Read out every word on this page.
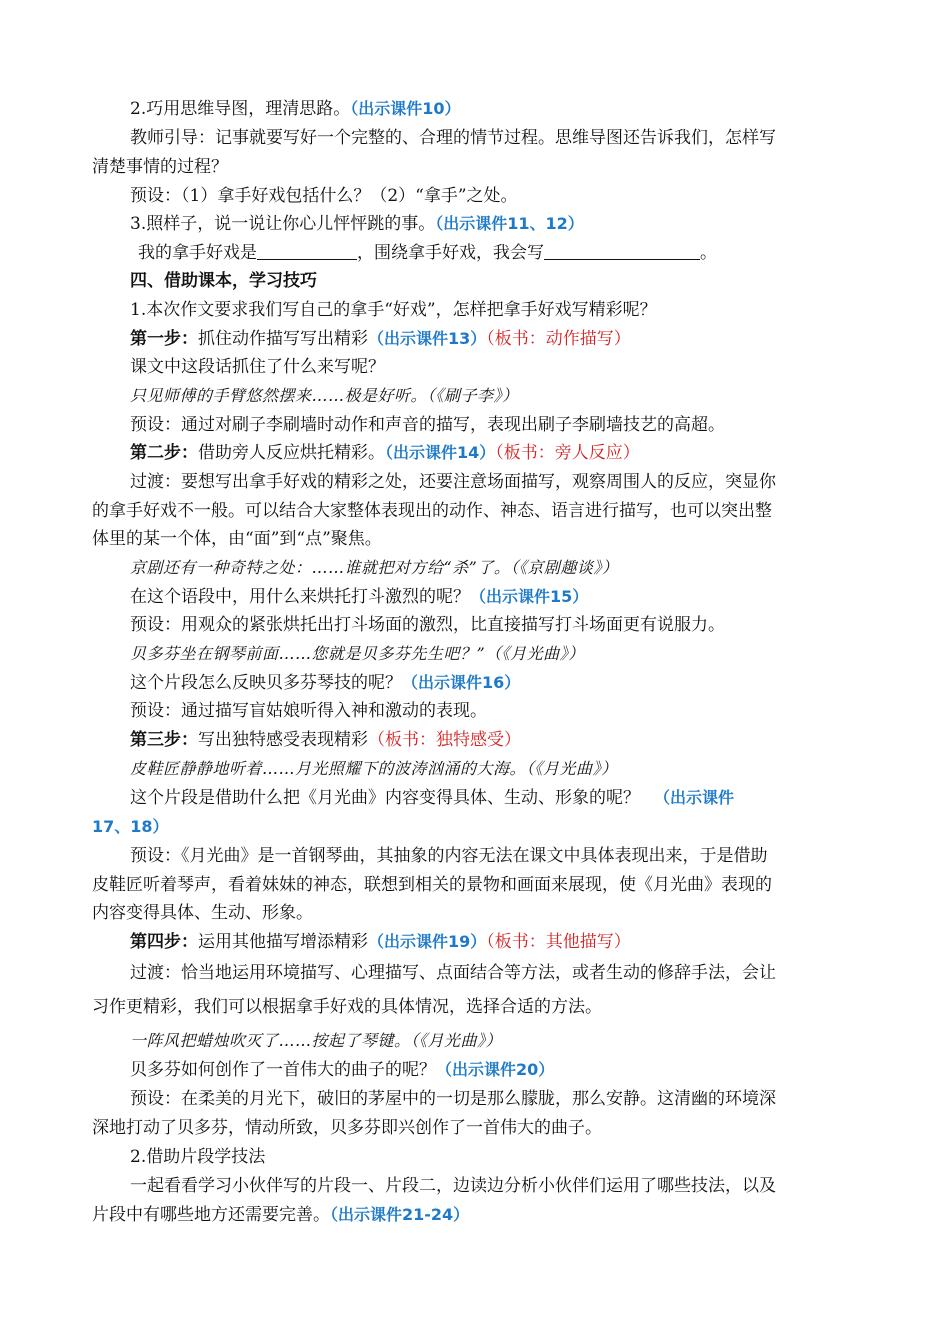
2.巧用思维导图，理清思路。（出示课件10）
教师引导：记事就要写好一个完整的、合理的情节过程。思维导图还告诉我们，怎样写
清楚事情的过程？
预设：（1）拿手好戏包括什么？（2）“拿手”之处。
3.照样子，说一说让你心儿怦怦跳的事。（出示课件11、12）
我的拿手好戏是	，围绕拿手好戏，我会写	。
四、借助课本，学习技巧
1.本次作文要求我们写自己的拿手“好戏”，怎样把拿手好戏写精彩呢？
第一步：抓住动作描写写出精彩（出示课件13）（板书：动作描写）
课文中这段话抓住了什么来写呢？
只见师傅的手臂悠然摆来……极是好听。（《刷子李》）
预设：通过对刷子李刷墙时动作和声音的描写，表现出刷子李刷墙技艺的高超。
第二步：借助旁人反应烘托精彩。（出示课件14）（板书：旁人反应）
过渡：要想写出拿手好戏的精彩之处，还要注意场面描写，观察周围人的反应，突显你
的拿手好戏不一般。可以结合大家整体表现出的动作、神态、语言进行描写，也可以突出整
体里的某一个体，由“面”到“点”聚焦。
京剧还有一种奇特之处：……谁就把对方给“杀”了。（《京剧趣谈》）
在这个语段中，用什么来烘托打斗激烈的呢？（出示课件15）
预设：用观众的紧张烘托出打斗场面的激烈，比直接描写打斗场面更有说服力。
贝多芬坐在钢琴前面……您就是贝多芬先生吧？”（《月光曲》）
这个片段怎么反映贝多芬琴技的呢？（出示课件16）
预设：通过描写盲姑娘听得入神和激动的表现。
第三步：写出独特感受表现精彩（板书：独特感受）
皮鞋匠静静地听着……月光照耀下的波涛汹涌的大海。（《月光曲》）
这个片段是借助什么把《月光曲》内容变得具体、生动、形象的呢？ （出示课件
17、18）
预设：《月光曲》是一首钢琴曲，其抽象的内容无法在课文中具体表现出来，于是借助
皮鞋匠听着琴声，看着妹妹的神态，联想到相关的景物和画面来展现，使《月光曲》表现的
内容变得具体、生动、形象。
第四步：运用其他描写增添精彩（出示课件19）（板书：其他描写）
过渡：恰当地运用环境描写、心理描写、点面结合等方法，或者生动的修辞手法，会让
习作更精彩，我们可以根据拿手好戏的具体情况，选择合适的方法。
一阵风把蜡烛吹灭了……按起了琴键。（《月光曲》）
贝多芬如何创作了一首伟大的曲子的呢？（出示课件20）
预设：在柔美的月光下，破旧的茅屋中的一切是那么朦胧，那么安静。这清幽的环境深
深地打动了贝多芬，情动所致，贝多芬即兴创作了一首伟大的曲子。
2.借助片段学技法
一起看看学习小伙伴写的片段一、片段二，边读边分析小伙伴们运用了哪些技法，以及
片段中有哪些地方还需要完善。（出示课件21-24）
